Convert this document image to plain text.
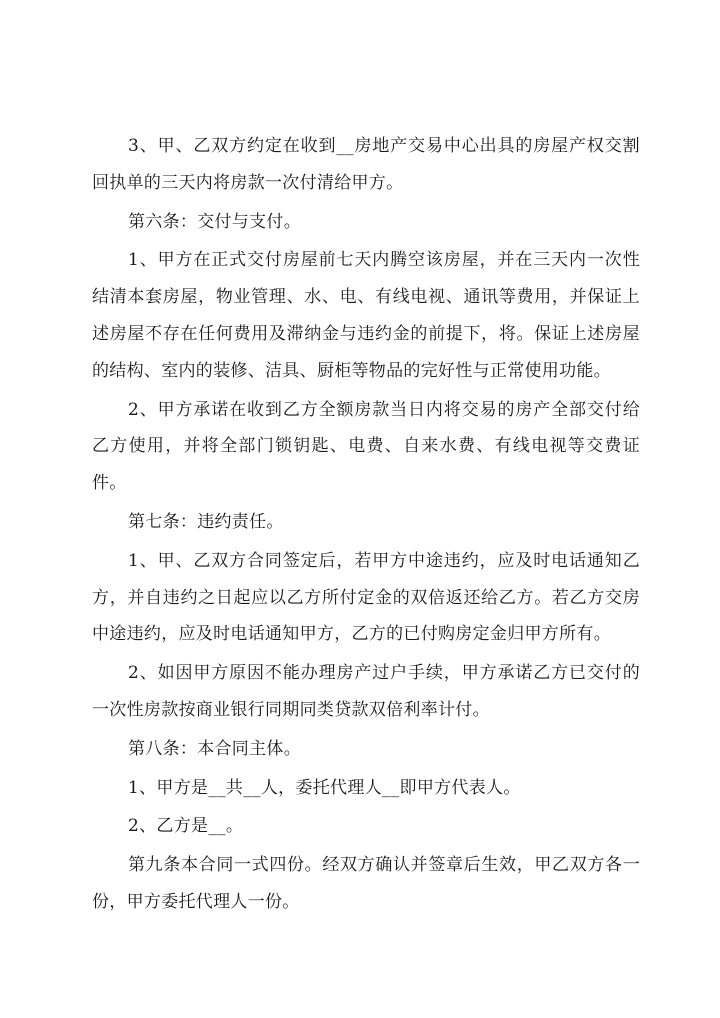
3、甲、乙双方约定在收到__房地产交易中心出具的房屋产权交割回执单的三天内将房款一次付清给甲方。

第六条：交付与支付。

1、甲方在正式交付房屋前七天内腾空该房屋，并在三天内一次性结清本套房屋，物业管理、水、电、有线电视、通讯等费用，并保证上述房屋不存在任何费用及滞纳金与违约金的前提下，将。保证上述房屋的结构、室内的装修、洁具、厨柜等物品的完好性与正常使用功能。

2、甲方承诺在收到乙方全额房款当日内将交易的房产全部交付给乙方使用，并将全部门锁钥匙、电费、自来水费、有线电视等交费证件。

第七条：违约责任。

1、甲、乙双方合同签定后，若甲方中途违约，应及时电话通知乙方，并自违约之日起应以乙方所付定金的双倍返还给乙方。若乙方交房中途违约，应及时电话通知甲方，乙方的已付购房定金归甲方所有。

2、如因甲方原因不能办理房产过户手续，甲方承诺乙方已交付的一次性房款按商业银行同期同类贷款双倍利率计付。

第八条：本合同主体。

1、甲方是__共__人，委托代理人__即甲方代表人。

2、乙方是__。

第九条本合同一式四份。经双方确认并签章后生效，甲乙双方各一份，甲方委托代理人一份。
